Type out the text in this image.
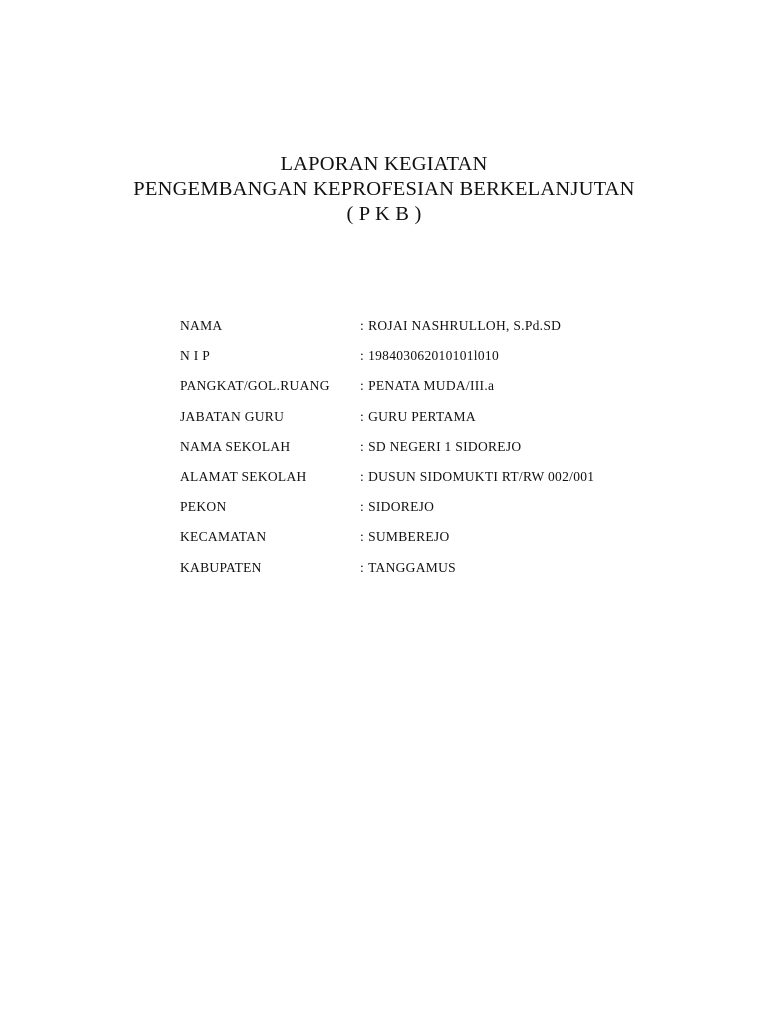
LAPORAN KEGIATAN
PENGEMBANGAN KEPROFESIAN BERKELANJUTAN
( P K B )
NAMA	: ROJAI NASHRULLOH, S.Pd.SD
N I P	: 198403062010101l010
PANGKAT/GOL.RUANG	: PENATA MUDA/III.a
JABATAN GURU	: GURU PERTAMA
NAMA SEKOLAH	: SD NEGERI 1 SIDOREJO
ALAMAT SEKOLAH	: DUSUN SIDOMUKTI RT/RW 002/001
PEKON	: SIDOREJO
KECAMATAN	: SUMBEREJO
KABUPATEN	: TANGGAMUS
